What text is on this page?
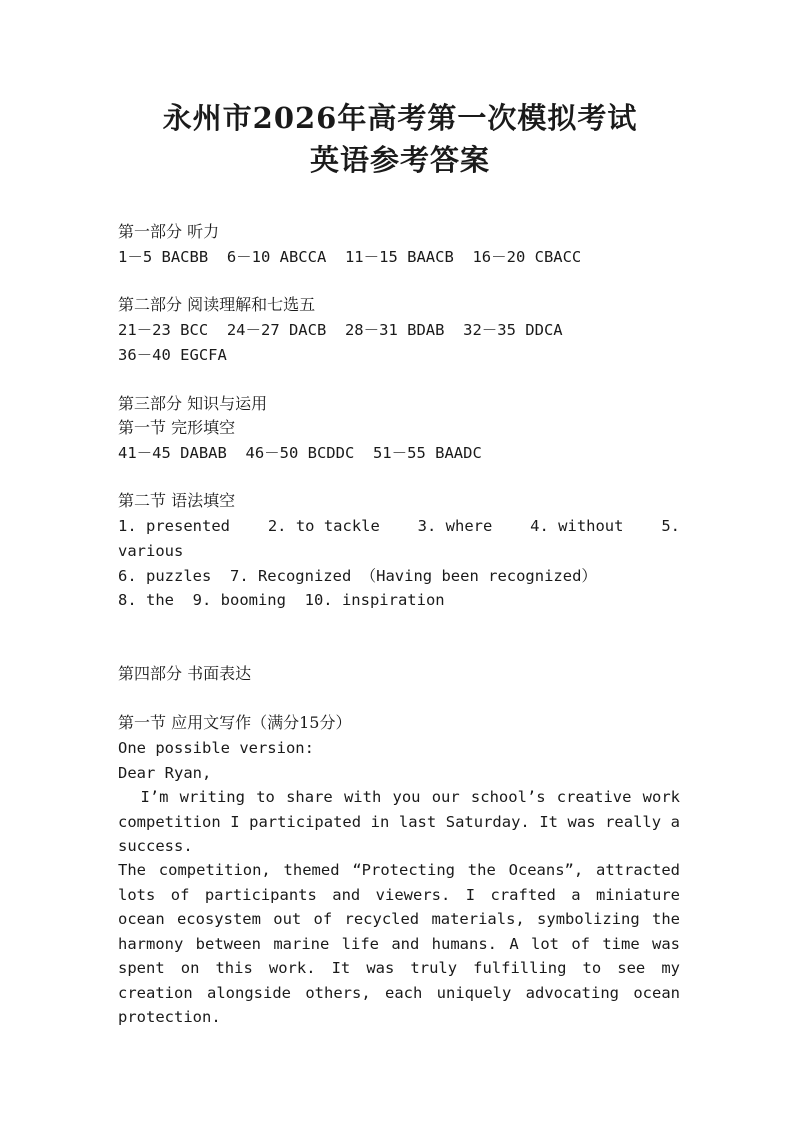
永州市2026年高考第一次模拟考试
英语参考答案
第一部分 听力
1－5 BACBB  6－10 ABCCA  11－15 BAACB  16－20 CBACC
第二部分 阅读理解和七选五
21－23 BCC  24－27 DACB  28－31 BDAB  32－35 DDCA
36－40 EGCFA
第三部分 知识与运用
第一节 完形填空
41－45 DABAB  46－50 BCDDC  51－55 BAADC
第二节 语法填空
1. presented 2. to tackle 3. where 4. without 5.
various
6. puzzles  7. Recognized （Having been recognized）
8. the  9. booming  10. inspiration
第四部分 书面表达
第一节 应用文写作（满分15分）
One possible version:
Dear Ryan,
I’m writing to share with you our school’s creative work competition I participated in last Saturday. It was really a success.
The competition, themed “Protecting the Oceans”, attracted lots of participants and viewers. I crafted a miniature ocean ecosystem out of recycled materials, symbolizing the harmony between marine life and humans. A lot of time was spent on this work. It was truly fulfilling to see my creation alongside others, each uniquely advocating ocean protection.
